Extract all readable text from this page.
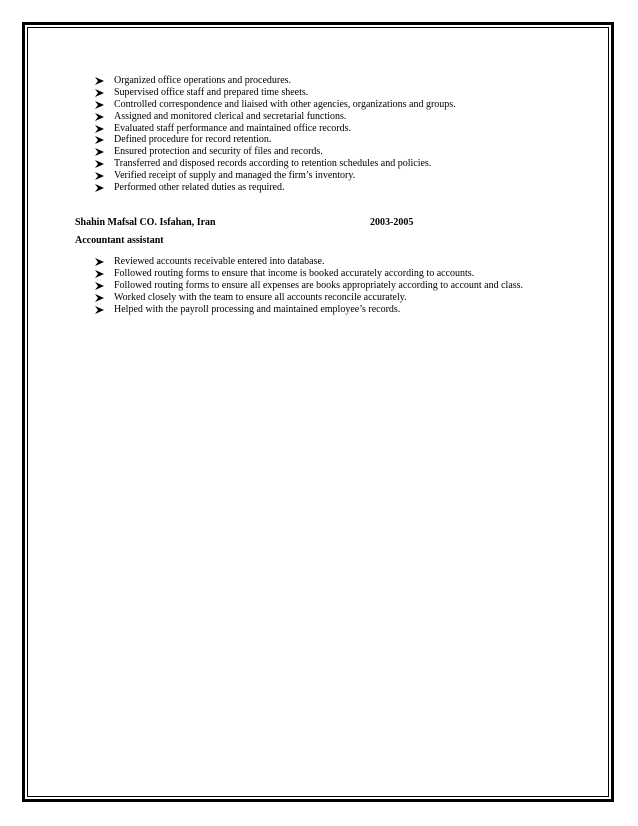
Organized office operations and procedures.
Supervised office staff and prepared time sheets.
Controlled correspondence and liaised with other agencies, organizations and groups.
Assigned and monitored clerical and secretarial functions.
Evaluated staff performance and maintained office records.
Defined procedure for record retention.
Ensured protection and security of files and records.
Transferred and disposed records according to retention schedules and policies.
Verified receipt of supply and managed the firm’s inventory.
Performed other related duties as required.
Shahin Mafsal CO. Isfahan, Iran	2003-2005
Accountant assistant
Reviewed accounts receivable entered into database.
Followed routing forms to ensure that income is booked accurately according to accounts.
Followed routing forms to ensure all expenses are books appropriately according to account and class.
Worked closely with the team to ensure all accounts reconcile accurately.
Helped with the payroll processing and maintained employee’s records.
